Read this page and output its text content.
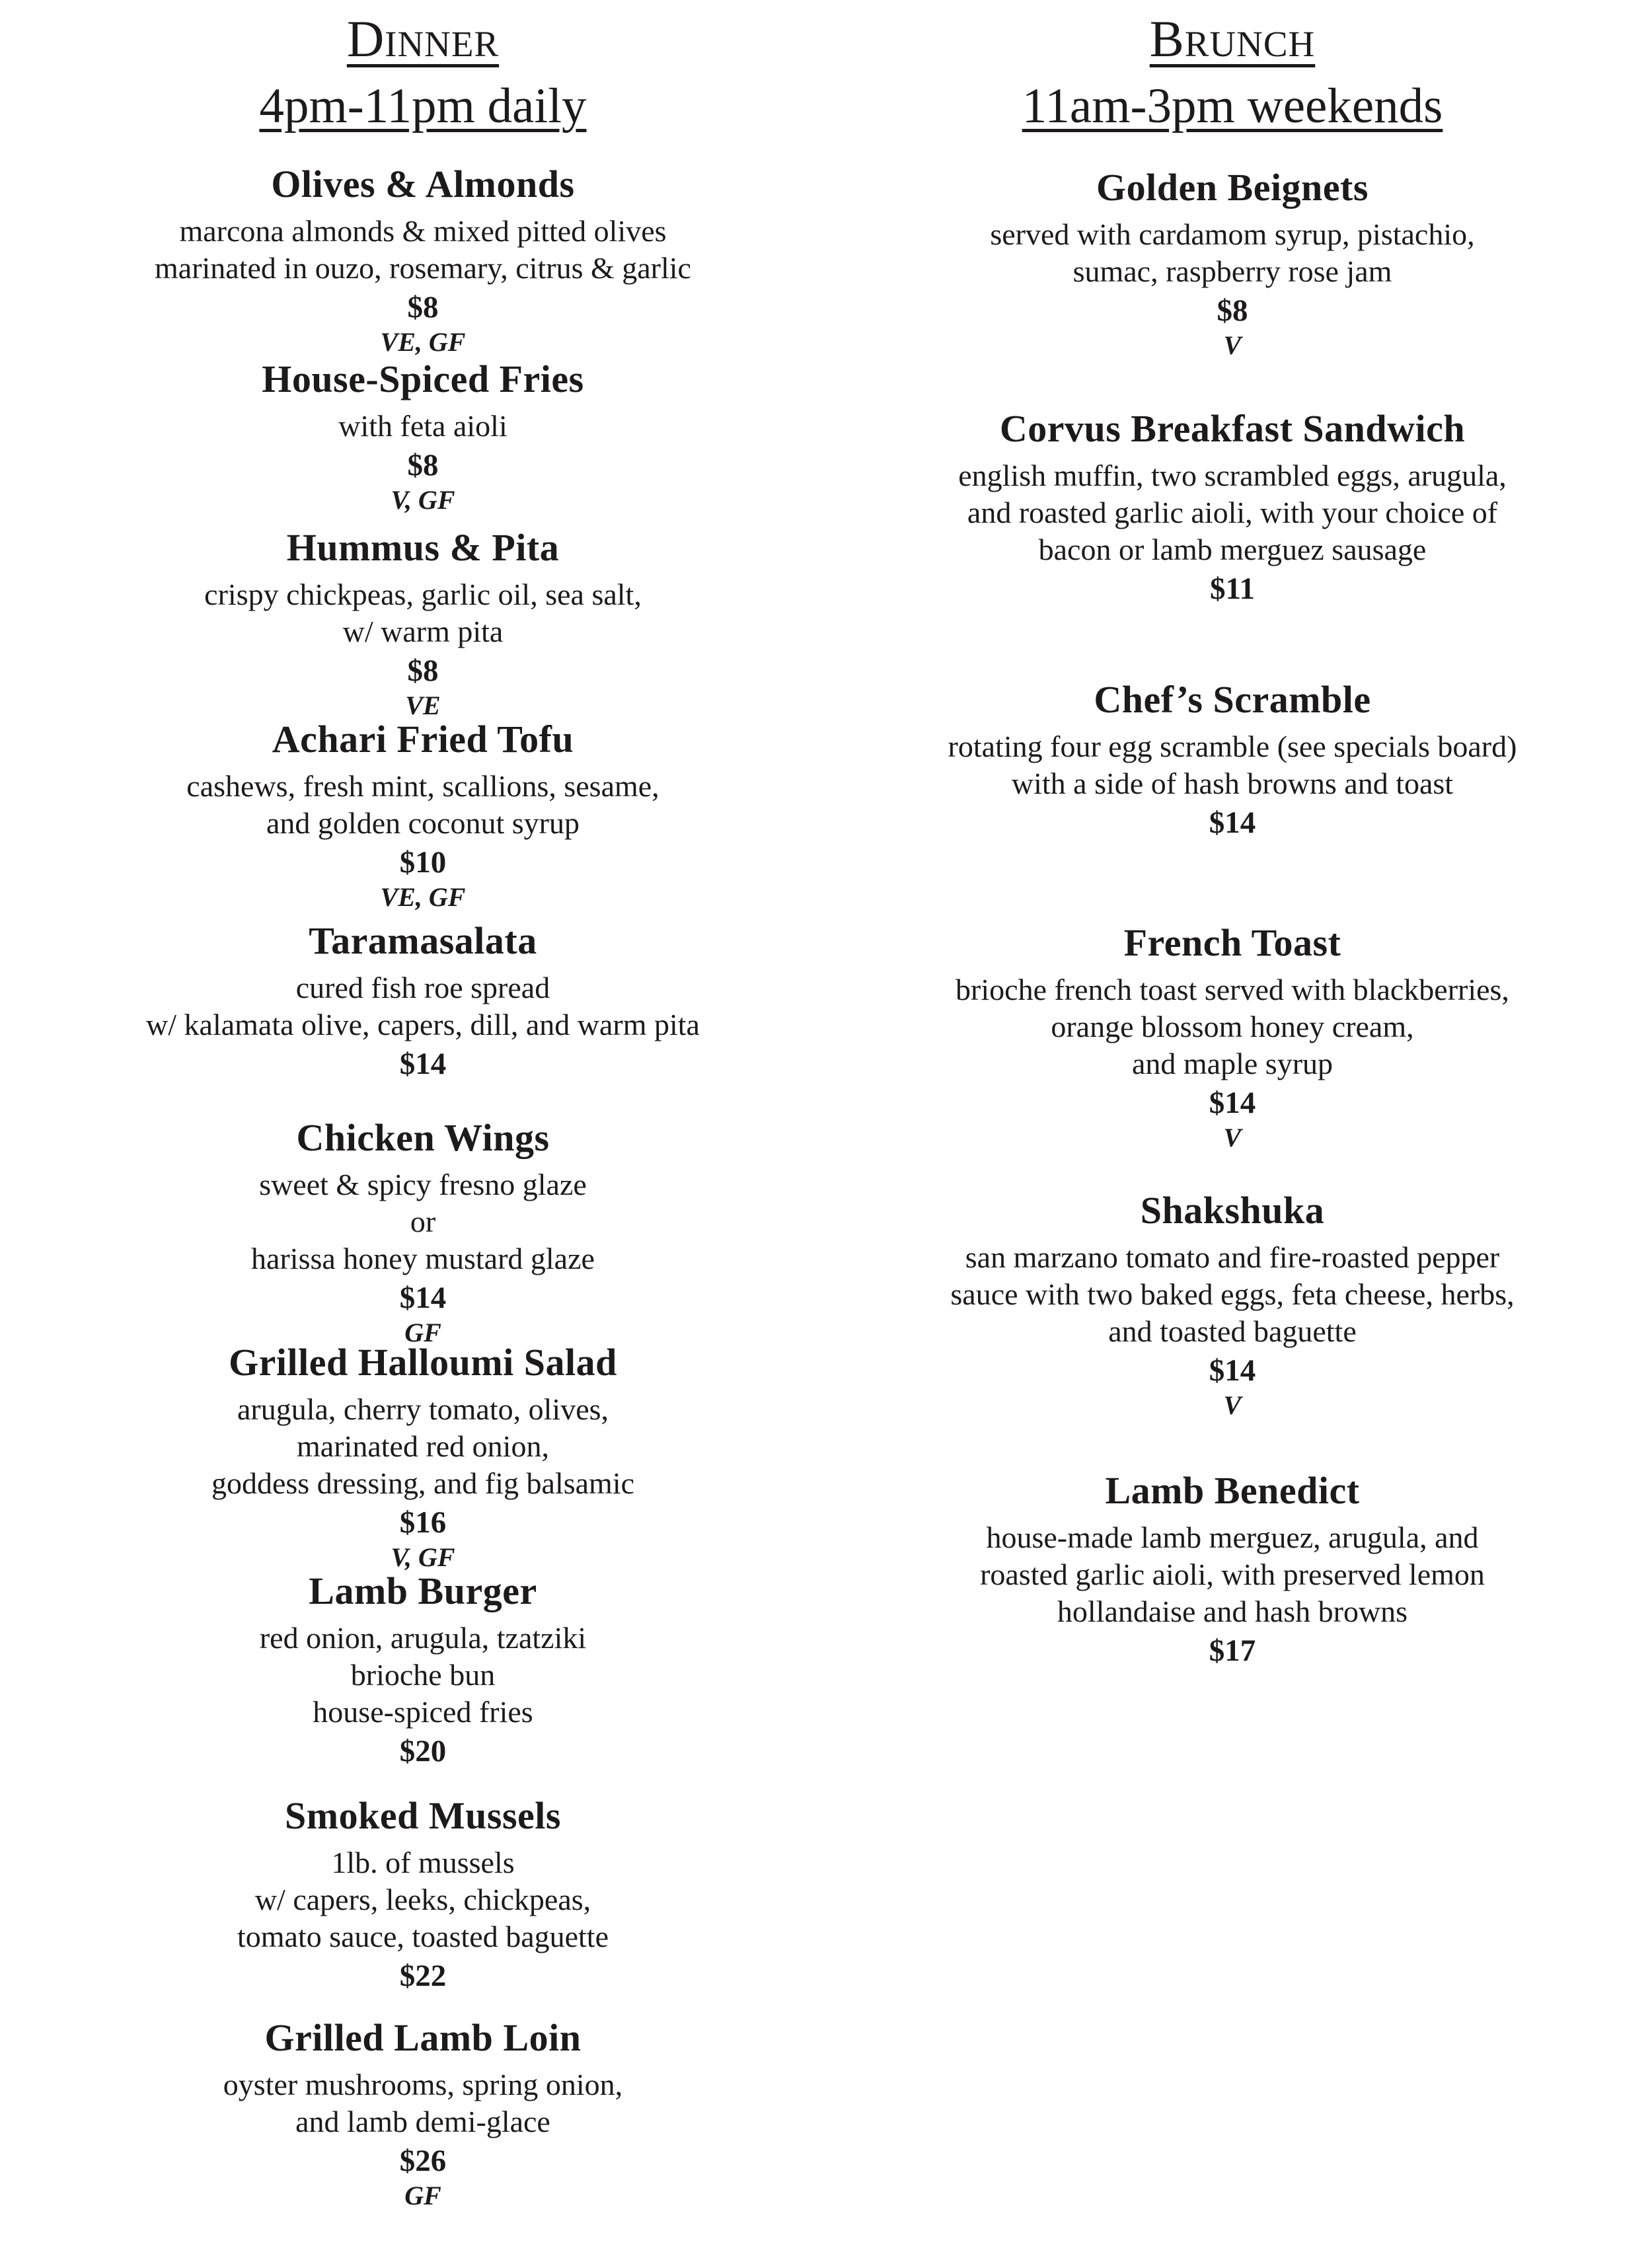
Dinner
4pm-11pm daily
Olives & Almonds

marcona almonds & mixed pitted olives

marinated in ouzo, rosemary, citrus & garlic

$8

VE, GF

House-Spiced Fries

with feta aioli

$8

V, GF

Hummus & Pita

crispy chickpeas, garlic oil, sea salt,

w/ warm pita

$8

VE

Achari Fried Tofu

cashews, fresh mint, scallions, sesame,

and golden coconut syrup

$10

VE, GF

Taramasalata

cured fish roe spread

w/ kalamata olive, capers, dill, and warm pita

$14

Chicken Wings

sweet & spicy fresno glaze

or

harissa honey mustard glaze

$14

GF

Grilled Halloumi Salad

arugula, cherry tomato, olives,

marinated red onion,

goddess dressing, and fig balsamic

$16

V, GF

Lamb Burger

red onion, arugula, tzatziki

brioche bun

house-spiced fries

$20

Smoked Mussels

1lb. of mussels

w/ capers, leeks, chickpeas,

tomato sauce, toasted baguette

$22

Grilled Lamb Loin

oyster mushrooms, spring onion,

and lamb demi-glace

$26

GF

Brunch
11am-3pm weekends
Golden Beignets

served with cardamom syrup, pistachio,

sumac, raspberry rose jam

$8

V

Corvus Breakfast Sandwich

english muffin, two scrambled eggs, arugula,

and roasted garlic aioli, with your choice of

bacon or lamb merguez sausage

$11

Chef’s Scramble

rotating four egg scramble (see specials board)

with a side of hash browns and toast

$14

French Toast

brioche french toast served with blackberries,

orange blossom honey cream,

and maple syrup

$14

V

Shakshuka

san marzano tomato and fire-roasted pepper

sauce with two baked eggs, feta cheese, herbs,

and toasted baguette

$14

V

Lamb Benedict

house-made lamb merguez, arugula, and

roasted garlic aioli, with preserved lemon

hollandaise and hash browns

$17
